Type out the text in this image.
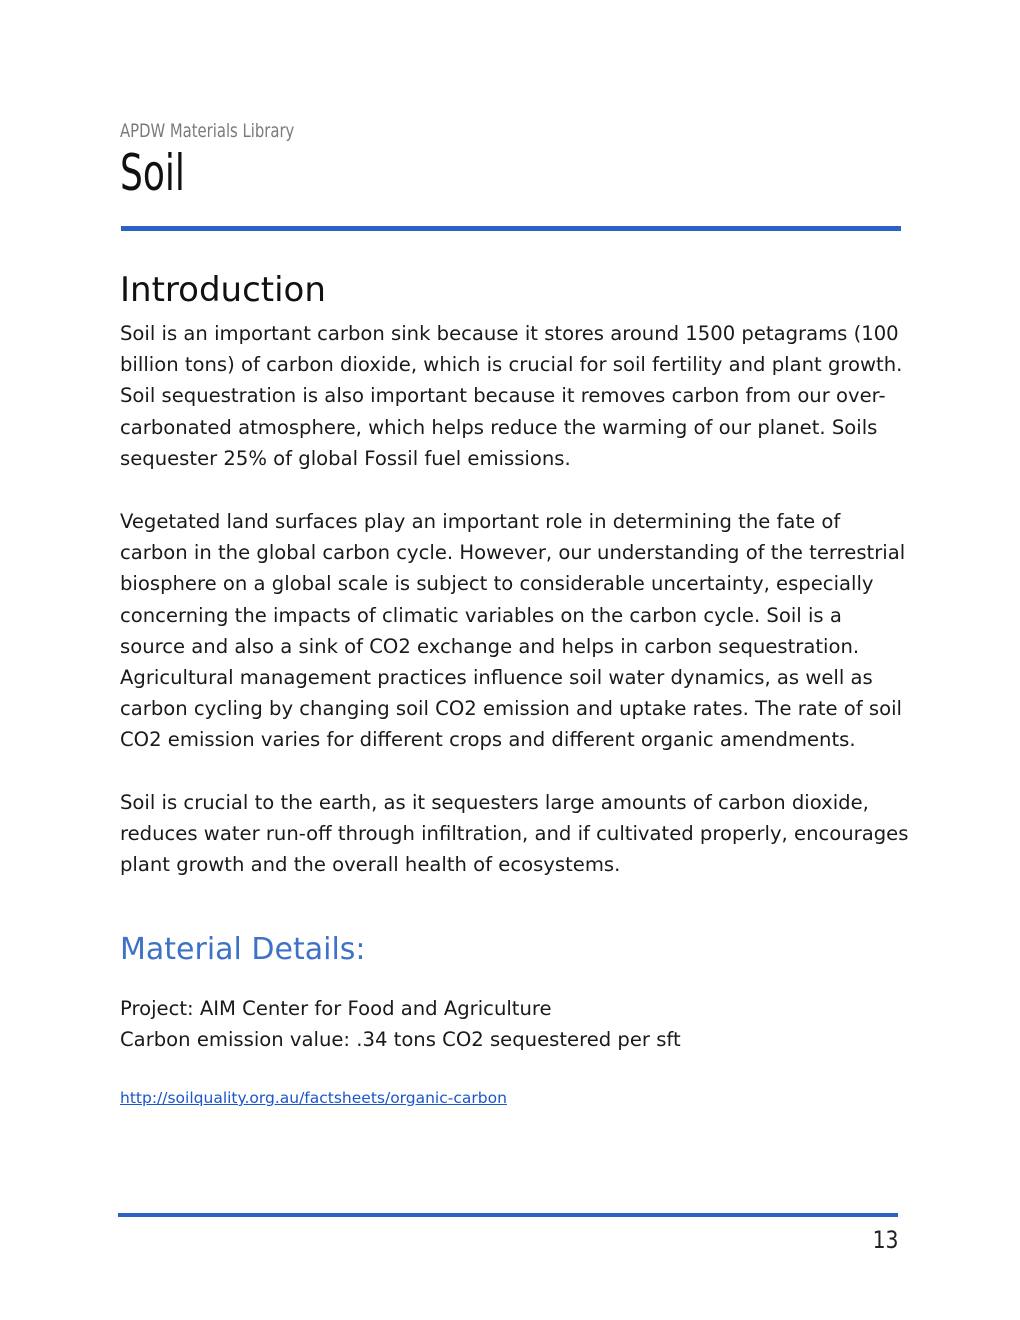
APDW Materials Library
Soil
Introduction

Soil is an important carbon sink because it stores around 1500 petagrams (100 billion tons) of carbon dioxide, which is crucial for soil fertility and plant growth. Soil sequestration is also important because it removes carbon from our over-carbonated atmosphere, which helps reduce the warming of our planet. Soils sequester 25% of global Fossil fuel emissions.

Vegetated land surfaces play an important role in determining the fate of carbon in the global carbon cycle. However, our understanding of the terrestrial biosphere on a global scale is subject to considerable uncertainty, especially concerning the impacts of climatic variables on the carbon cycle. Soil is a source and also a sink of CO2 exchange and helps in carbon sequestration. Agricultural management practices influence soil water dynamics, as well as carbon cycling by changing soil CO2 emission and uptake rates. The rate of soil CO2 emission varies for different crops and different organic amendments.

Soil is crucial to the earth, as it sequesters large amounts of carbon dioxide, reduces water run-off through infiltration, and if cultivated properly, encourages plant growth and the overall health of ecosystems.

Material Details:
Project: AIM Center for Food and Agriculture
Carbon emission value: .34 tons CO2 sequestered per sft
http://soilquality.org.au/factsheets/organic-carbon
13
